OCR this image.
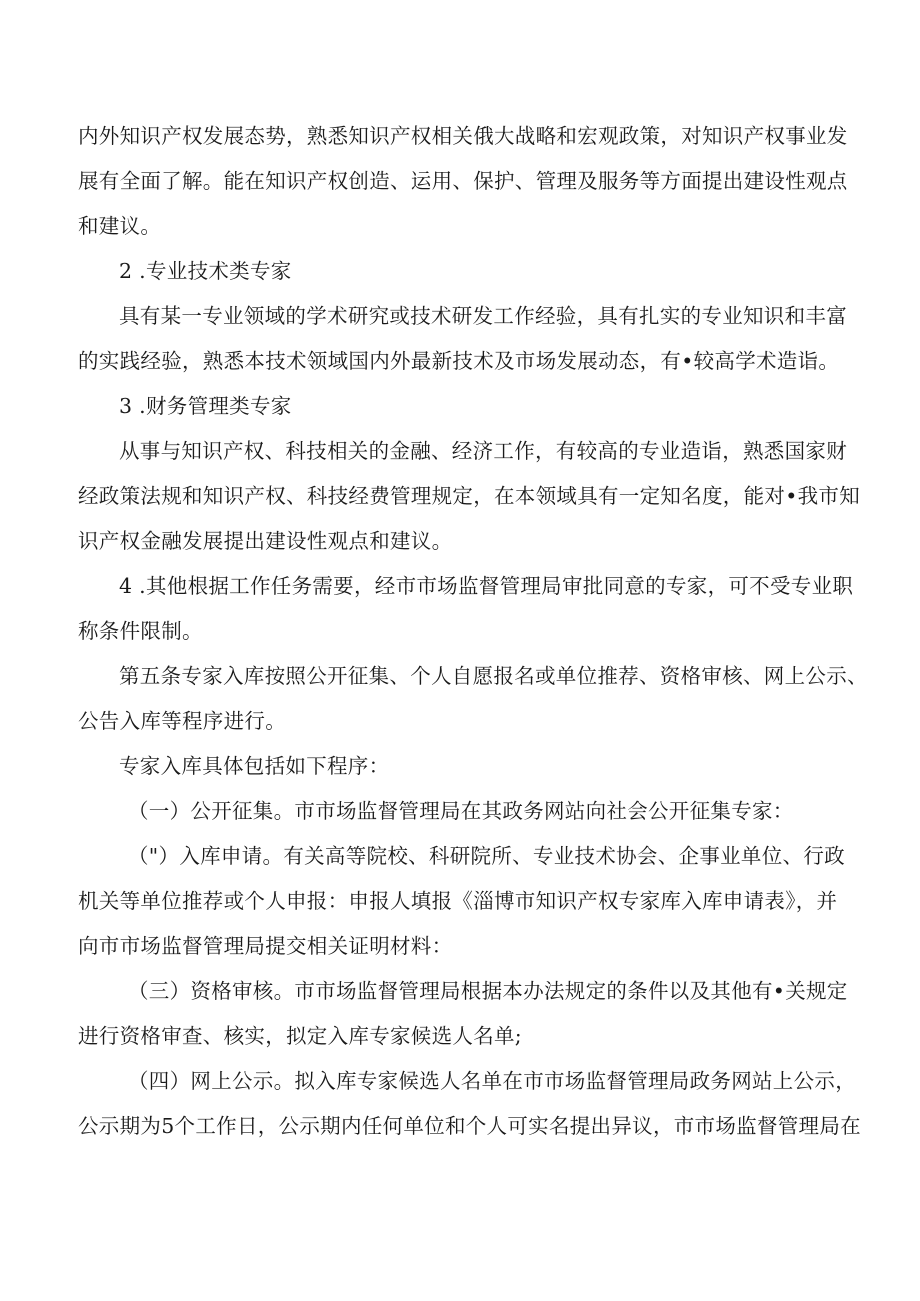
内外知识产权发展态势，熟悉知识产权相关俄大战略和宏观政策，对知识产权事业发
展有全面了解。能在知识产权创造、运用、保护、管理及服务等方面提出建设性观点
和建议。
2 .专业技术类专家
具有某一专业领域的学术研究或技术研发工作经验，具有扎实的专业知识和丰富
的实践经验，熟悉本技术领域国内外最新技术及市场发展动态，有•较高学术造诣。
3 .财务管理类专家
从事与知识产权、科技相关的金融、经济工作，有较高的专业造诣，熟悉国家财
经政策法规和知识产权、科技经费管理规定，在本领域具有一定知名度，能对•我市知
识产权金融发展提出建设性观点和建议。
4 .其他根据工作任务需要，经市市场监督管理局审批同意的专家，可不受专业职
称条件限制。
第五条专家入库按照公开征集、个人自愿报名或单位推荐、资格审核、网上公示、
公告入库等程序进行。
专家入库具体包括如下程序：
（一）公开征集。市市场监督管理局在其政务网站向社会公开征集专家：
（"）入库申请。有关高等院校、科研院所、专业技术协会、企事业单位、行政
机关等单位推荐或个人申报：申报人填报《淄博市知识产权专家库入库申请表》，并
向市市场监督管理局提交相关证明材料：
（三）资格审核。市市场监督管理局根据本办法规定的条件以及其他有•关规定
进行资格审查、核实，拟定入库专家候选人名单;
（四）网上公示。拟入库专家候选人名单在市市场监督管理局政务网站上公示，
公示期为5个工作日，公示期内任何单位和个人可实名提出异议，市市场监督管理局在
